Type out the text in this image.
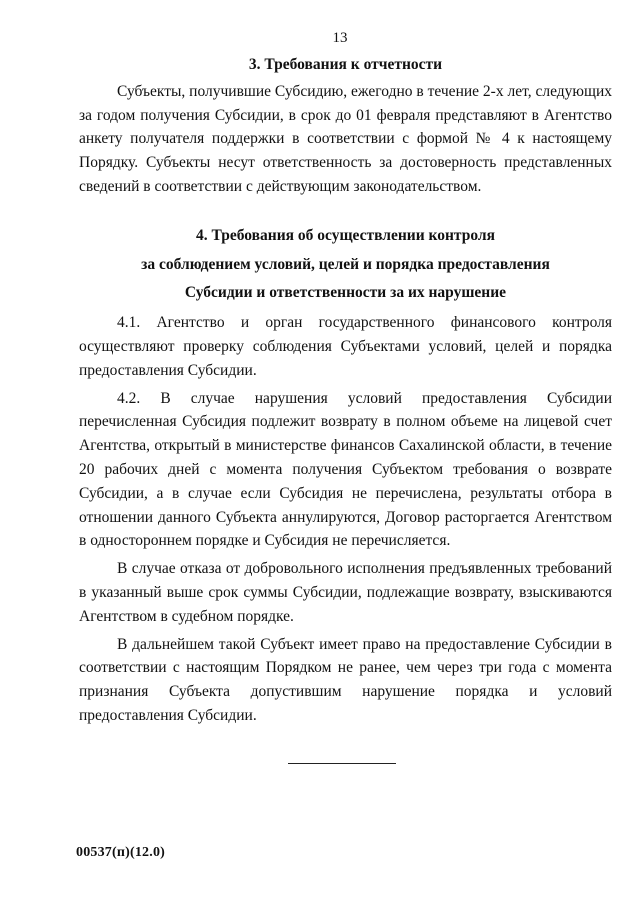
13

3. Требования к отчетности

Субъекты, получившие Субсидию, ежегодно в течение 2-х лет, следующих за годом получения Субсидии, в срок до 01 февраля представляют в Агентство анкету получателя поддержки в соответствии с формой № 4 к настоящему Порядку. Субъекты несут ответственность за достоверность представленных сведений в соответствии с действующим законодательством.

4. Требования об осуществлении контроля

за соблюдением условий, целей и порядка предоставления

Субсидии и ответственности за их нарушение

4.1. Агентство и орган государственного финансового контроля осуществляют проверку соблюдения Субъектами условий, целей и порядка предоставления Субсидии.

4.2. В случае нарушения условий предоставления Субсидии перечисленная Субсидия подлежит возврату в полном объеме на лицевой счет Агентства, открытый в министерстве финансов Сахалинской области, в течение 20 рабочих дней с момента получения Субъектом требования о возврате Субсидии, а в случае если Субсидия не перечислена, результаты отбора в отношении данного Субъекта аннулируются, Договор расторгается Агентством в одностороннем порядке и Субсидия не перечисляется.

В случае отказа от добровольного исполнения предъявленных требований в указанный выше срок суммы Субсидии, подлежащие возврату, взыскиваются Агентством в судебном порядке.

В дальнейшем такой Субъект имеет право на предоставление Субсидии в соответствии с настоящим Порядком не ранее, чем через три года с момента признания Субъекта допустившим нарушение порядка и условий предоставления Субсидии.

00537(п)(12.0)
